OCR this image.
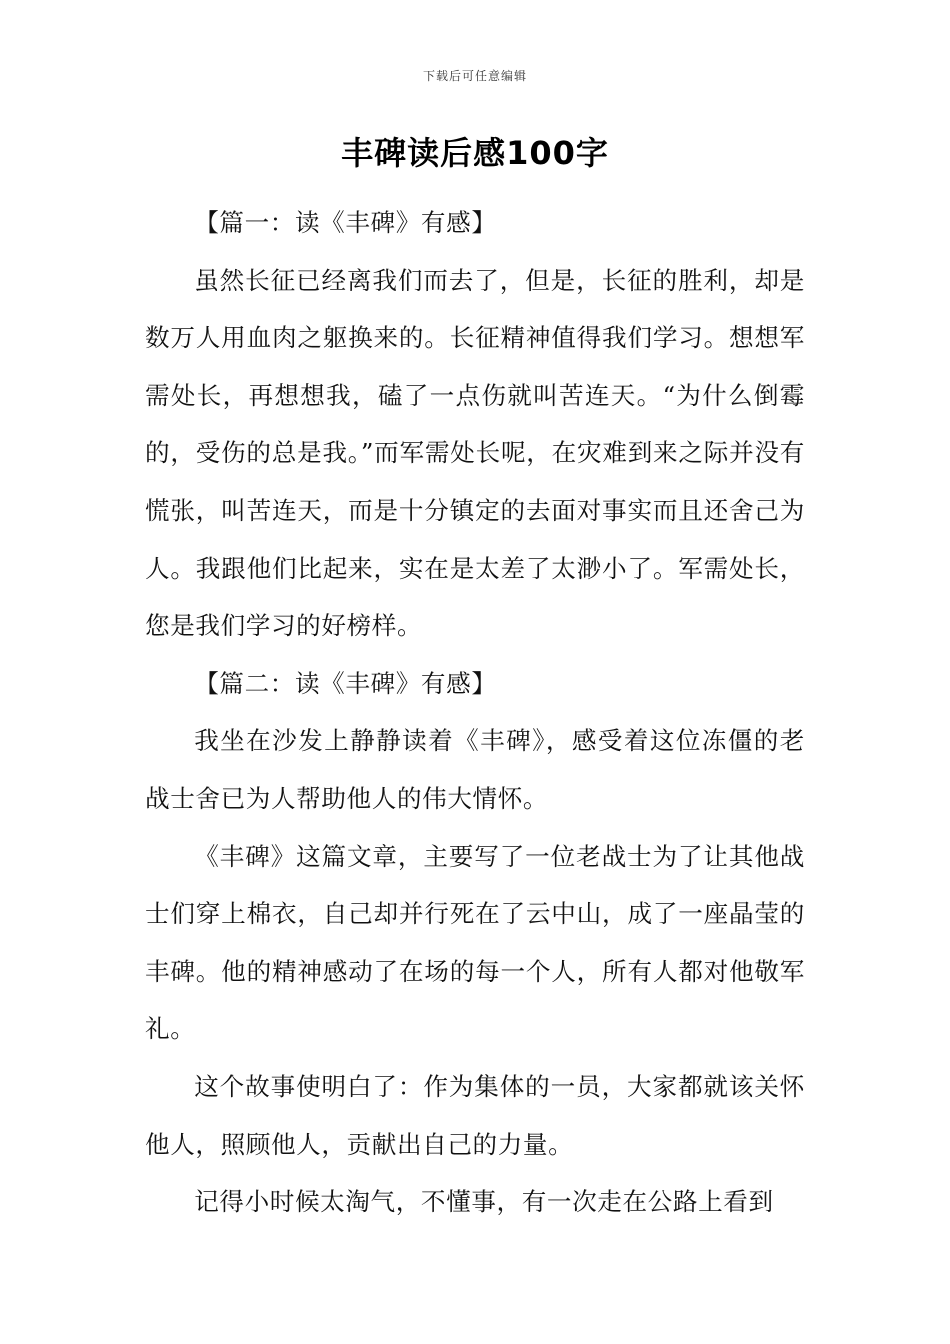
下载后可任意编辑
丰碑读后感100字

【篇一：读《丰碑》有感】

虽然长征已经离我们而去了，但是，长征的胜利，却是数万人用血肉之躯换来的。长征精神值得我们学习。想想军需处长，再想想我，磕了一点伤就叫苦连天。“为什么倒霉的，受伤的总是我。”而军需处长呢，在灾难到来之际并没有慌张，叫苦连天，而是十分镇定的去面对事实而且还舍己为人。我跟他们比起来，实在是太差了太渺小了。军需处长，您是我们学习的好榜样。

【篇二：读《丰碑》有感】

我坐在沙发上静静读着《丰碑》，感受着这位冻僵的老战士舍已为人帮助他人的伟大情怀。

《丰碑》这篇文章，主要写了一位老战士为了让其他战士们穿上棉衣，自己却并行死在了云中山，成了一座晶莹的丰碑。他的精神感动了在场的每一个人，所有人都对他敬军礼。

这个故事使明白了：作为集体的一员，大家都就该关怀他人，照顾他人，贡献出自己的力量。

记得小时候太淘气，不懂事，有一次走在公路上看到
